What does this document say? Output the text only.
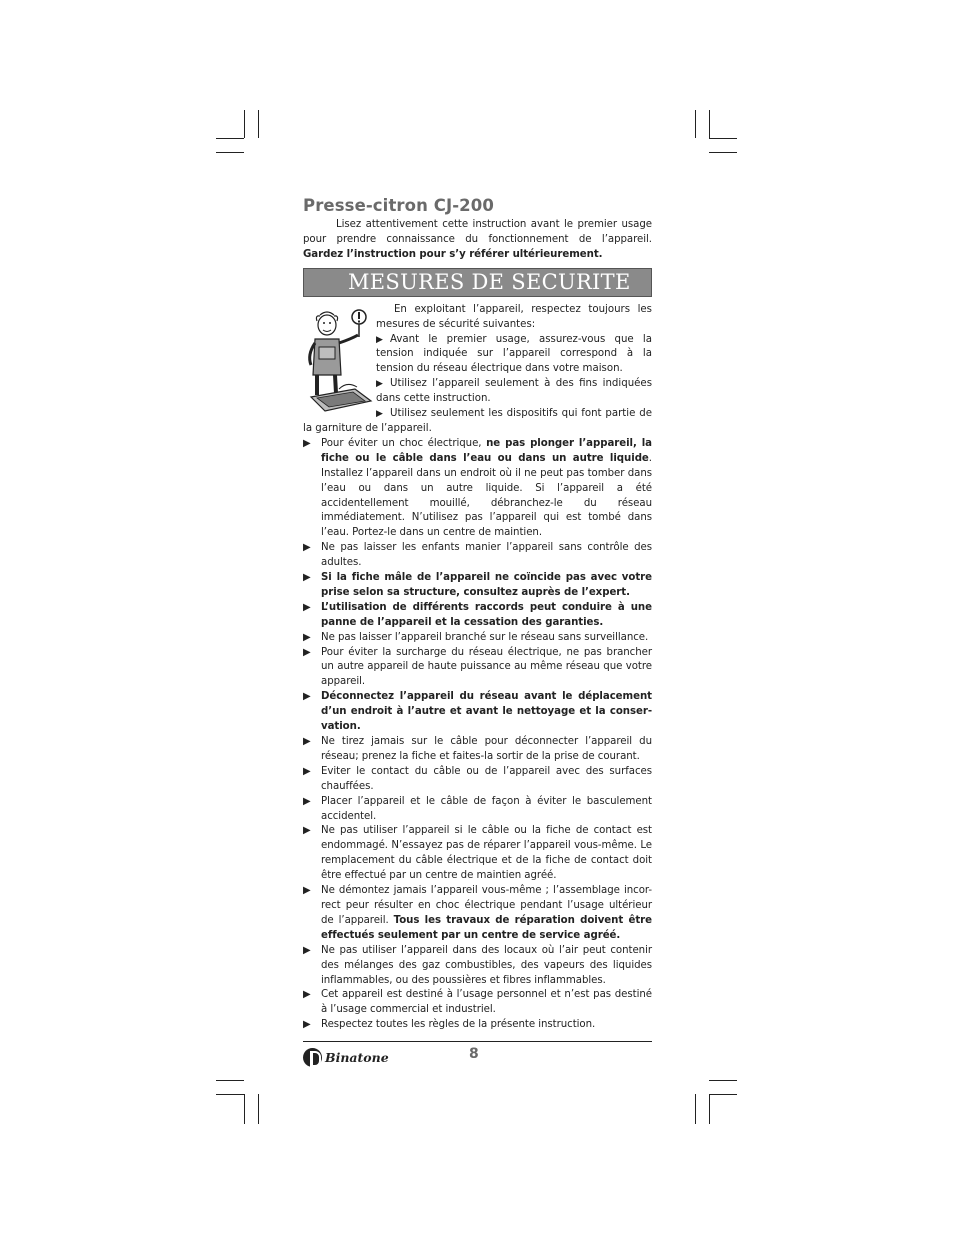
Presse-citron CJ-200

Lisez attentivement cette instruction avant le premier usage pour prendre connaissance du fonctionnement de l’appareil. Gardez l’instruction pour s’y référer ultérieurement.

MESURES DE SECURITE

En exploitant l’appareil, respectez toujours les mesures de sécurité suivantes:

▶ Avant le premier usage, assurez-vous que la tension indiquée sur l’appareil correspond à la tension du réseau électrique dans votre maison.

▶ Utilisez l’appareil seulement à des fins indiquées dans cette instruction.

▶ Utilisez seulement les dispositifs qui font partie de la garniture de l’appareil.

▶ Pour éviter un choc électrique, ne pas plonger l’appareil, la fiche ou le câble dans l’eau ou dans un autre liquide. Installez l’appareil dans un endroit où il ne peut pas tomber dans l’eau ou dans un autre liquide. Si l’appareil a été accidentellement mouillé, débranchez-le du réseau immédiatement. N’utilisez pas l’appareil qui est tombé dans l’eau. Portez-le dans un centre de maintien.
▶ Ne pas laisser les enfants manier l’appareil sans contrôle des adultes.
▶ Si la fiche mâle de l’appareil ne coïncide pas avec votre prise selon sa structure, consultez auprès de l’expert.
▶ L’utilisation de différents raccords peut conduire à une panne de l’appareil et la cessation des garanties.
▶ Ne pas laisser l’appareil branché sur le réseau sans surveillance.
▶ Pour éviter la surcharge du réseau électrique, ne pas brancher un autre appareil de haute puissance au même réseau que votre appareil.
▶ Déconnectez l’appareil du réseau avant le déplacement d’un endroit à l’autre et avant le nettoyage et la conser-vation.
▶ Ne tirez jamais sur le câble pour déconnecter l’appareil du réseau; prenez la fiche et faites-la sortir de la prise de courant.
▶ Eviter le contact du câble ou de l’appareil avec des surfaces chauffées.
▶ Placer l’appareil et le câble de façon à éviter le basculement accidentel.
▶ Ne pas utiliser l’appareil si le câble ou la fiche de contact est endommagé. N’essayez pas de réparer l’appareil vous-même. Le remplacement du câble électrique et de la fiche de contact doit être effectué par un centre de maintien agréé.
▶ Ne démontez jamais l’appareil vous-même ; l’assemblage incor-rect peur résulter en choc électrique pendant l’usage ultérieur de l’appareil. Tous les travaux de réparation doivent être effectués seulement par un centre de service agréé.
▶ Ne pas utiliser l’appareil dans des locaux où l’air peut contenir des mélanges des gaz combustibles, des vapeurs des liquides inflammables, ou des poussières et fibres inflammables.
▶ Cet appareil est destiné à l’usage personnel et n’est pas destiné à l’usage commercial et industriel.
▶ Respectez toutes les règles de la présente instruction.
Binatone	8
